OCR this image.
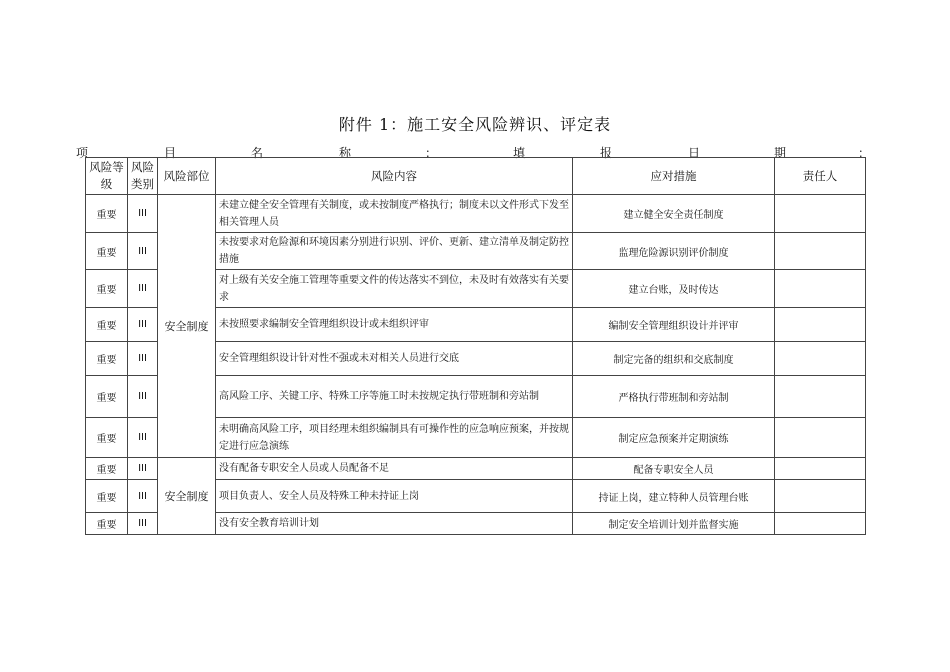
附件 1：施工安全风险辨识、评定表
项	目	名	称	：	填	报	日	期	：
风险等级	风险类别	风险部位	风险内容	应对措施	责任人
重要	III	安全制度	未建立健全安全管理有关制度，或未按制度严格执行；制度未以文件形式下发至相关管理人员	建立健全安全责任制度	
重要	III		未按要求对危险源和环境因素分别进行识别、评价、更新、建立清单及制定防控措施	监理危险源识别评价制度	
重要	III		对上级有关安全施工管理等重要文件的传达落实不到位，未及时有效落实有关要求	建立台账，及时传达	
重要	III		未按照要求编制安全管理组织设计或未组织评审	编制安全管理组织设计并评审	
重要	III		安全管理组织设计针对性不强或未对相关人员进行交底	制定完备的组织和交底制度	
重要	III		高风险工序、关键工序、特殊工序等施工时未按规定执行带班制和旁站制	严格执行带班制和旁站制	
重要	III		未明确高风险工序，项目经理未组织编制具有可操作性的应急响应预案，并按规定进行应急演练	制定应急预案并定期演练	
重要	III	安全制度	没有配备专职安全人员或人员配备不足	配备专职安全人员	
重要	III		项目负责人、安全人员及特殊工种未持证上岗	持证上岗，建立特种人员管理台账	
重要	III		没有安全教育培训计划	制定安全培训计划并监督实施	
